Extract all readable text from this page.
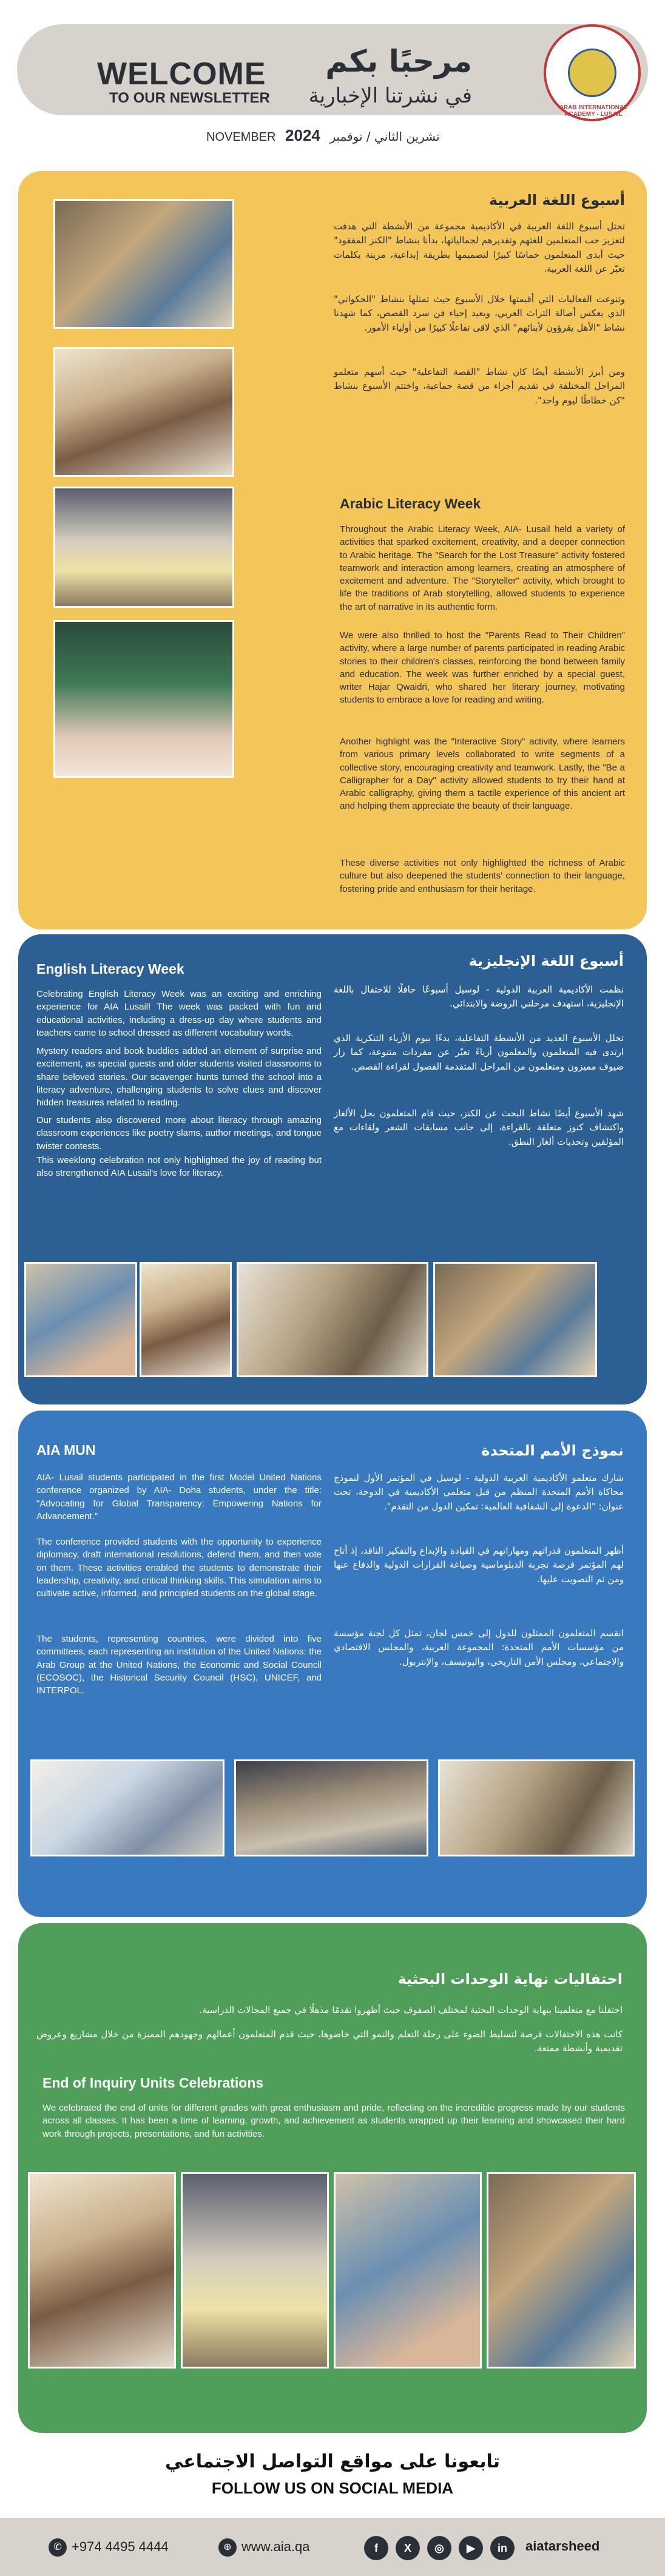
WELCOME
TO OUR NEWSLETTER
مرحبًا بكم
في نشرتنا الإخبارية	ARAB INTERNATIONAL ACADEMY - LUSAIL
NOVEMBER 2024 تشرين الثاني / نوفمبر
أسبوع اللغة العربية
تحتل أسبوع اللغة العربية في الأكاديمية مجموعة من الأنشطة التي هدفت لتعزيز حب المتعلمين للغتهم وتقديرهم لجمالياتها، بدأنا بنشاط "الكنز المفقود" حيث أبدى المتعلمون حماسًا كبيرًا لتصميمها بطريقة إبداعية، مزينة بكلمات تعبّر عن اللغة العربية.
وتنوعت الفعاليات التي أقيمتها خلال الأسبوع حيث تمثلها بنشاط "الحكواتي" الذي يعكس أصالة التراث العربي، ويعيد إحياء فن سرد القصص، كما شهدنا نشاط "الأهل يقرؤون لأبنائهم" الذي لاقى تفاعلًا كبيرًا من أولياء الأمور.
ومن أبرز الأنشطة أيضًا كان نشاط "القصة التفاعلية" حيث أسهم متعلمو المراحل المختلفة في تقديم أجزاء من قصة جماعية، واختتم الأسبوع بنشاط "كن خطاطًا ليوم واحد".
Arabic Literacy Week
Throughout the Arabic Literacy Week, AIA- Lusail held a variety of activities that sparked excitement, creativity, and a deeper connection to Arabic heritage. The "Search for the Lost Treasure" activity fostered teamwork and interaction among learners, creating an atmosphere of excitement and adventure. The "Storyteller" activity, which brought to life the traditions of Arab storytelling, allowed students to experience the art of narrative in its authentic form.
We were also thrilled to host the "Parents Read to Their Children" activity, where a large number of parents participated in reading Arabic stories to their children's classes, reinforcing the bond between family and education. The week was further enriched by a special guest, writer Hajar Qwaidri, who shared her literary journey, motivating students to embrace a love for reading and writing.
Another highlight was the "Interactive Story" activity, where learners from various primary levels collaborated to write segments of a collective story, encouraging creativity and teamwork. Lastly, the "Be a Calligrapher for a Day" activity allowed students to try their hand at Arabic calligraphy, giving them a tactile experience of this ancient art and helping them appreciate the beauty of their language.
These diverse activities not only highlighted the richness of Arabic culture but also deepened the students' connection to their language, fostering pride and enthusiasm for their heritage.
English Literacy Week
Celebrating English Literacy Week was an exciting and enriching experience for AIA Lusail! The week was packed with fun and educational activities, including a dress-up day where students and teachers came to school dressed as different vocabulary words.
Mystery readers and book buddies added an element of surprise and excitement, as special guests and older students visited classrooms to share beloved stories. Our scavenger hunts turned the school into a literacy adventure, challenging students to solve clues and discover hidden treasures related to reading.
Our students also discovered more about literacy through amazing classroom experiences like poetry slams, author meetings, and tongue twister contests.
This weeklong celebration not only highlighted the joy of reading but also strengthened AIA Lusail's love for literacy.
أسبوع اللغة الإنجليزية
نظمت الأكاديمية العربية الدولية - لوسيل أسبوعًا حافلًا للاحتفال باللغة الإنجليزية، استهدف مرحلتي الروضة والابتدائي.
تخلل الأسبوع العديد من الأنشطة التفاعلية، بدءًا بيوم الأزياء التنكرية الذي ارتدى فيه المتعلمون والمعلمون أزياءً تعبّر عن مفردات متنوعة، كما زار ضيوف مميزون ومتعلمون من المراحل المتقدمة الفصول لقراءة القصص.
شهد الأسبوع أيضًا نشاط البحث عن الكنز، حيث قام المتعلمون بحل الألغاز واكتشاف كنوز متعلقة بالقراءة، إلى جانب مسابقات الشعر ولقاءات مع المؤلفين وتحديات ألغاز النطق.
AIA MUN
AIA- Lusail students participated in the first Model United Nations conference organized by AIA- Doha students, under the title: "Advocating for Global Transparency: Empowering Nations for Advancement."
The conference provided students with the opportunity to experience diplomacy, draft international resolutions, defend them, and then vote on them. These activities enabled the students to demonstrate their leadership, creativity, and critical thinking skills. This simulation aims to cultivate active, informed, and principled students on the global stage.
The students, representing countries, were divided into five committees, each representing an institution of the United Nations: the Arab Group at the United Nations, the Economic and Social Council (ECOSOC), the Historical Security Council (HSC), UNICEF, and INTERPOL.
نموذج الأمم المتحدة
شارك متعلمو الأكاديمية العربية الدولية - لوسيل في المؤتمر الأول لنموذج محاكاة الأمم المتحدة المنظم من قبل متعلمي الأكاديمية في الدوحة، تحت عنوان: "الدعوة إلى الشفافية العالمية: تمكين الدول من التقدم".
أظهر المتعلمون قدراتهم ومهاراتهم في القيادة والإبداع والتفكير الناقد، إذ أتاح لهم المؤتمر فرصة تجربة الدبلوماسية وصياغة القرارات الدولية والدفاع عنها ومن ثم التصويت عليها.
انقسم المتعلمون الممثلون للدول إلى خمس لجان، تمثل كل لجنة مؤسسة من مؤسسات الأمم المتحدة: المجموعة العربية، والمجلس الاقتصادي والاجتماعي، ومجلس الأمن التاريخي، واليونيسف، والإنتربول.
احتفاليات نهاية الوحدات البحثية
احتفلنا مع متعلمينا بنهاية الوحدات البحثية لمختلف الصفوف حيث أظهروا تقدمًا مذهلًا في جميع المجالات الدراسية.
كانت هذه الاحتفالات فرصة لتسليط الضوء على رحلة التعلم والنمو التي خاضوها، حيث قدم المتعلمون أعمالهم وجهودهم المميزة من خلال مشاريع وعروض تقديمية وأنشطة ممتعة.
End of Inquiry Units Celebrations
We celebrated the end of units for different grades with great enthusiasm and pride, reflecting on the incredible progress made by our students across all classes. It has been a time of learning, growth, and achievement as students wrapped up their learning and showcased their hard work through projects, presentations, and fun activities.
تابعونا على مواقع التواصل الاجتماعي
FOLLOW US ON SOCIAL MEDIA
✆ +974 4495 4444	⊕ www.aia.qa	f	X	◎	▶	in	aiatarsheed
